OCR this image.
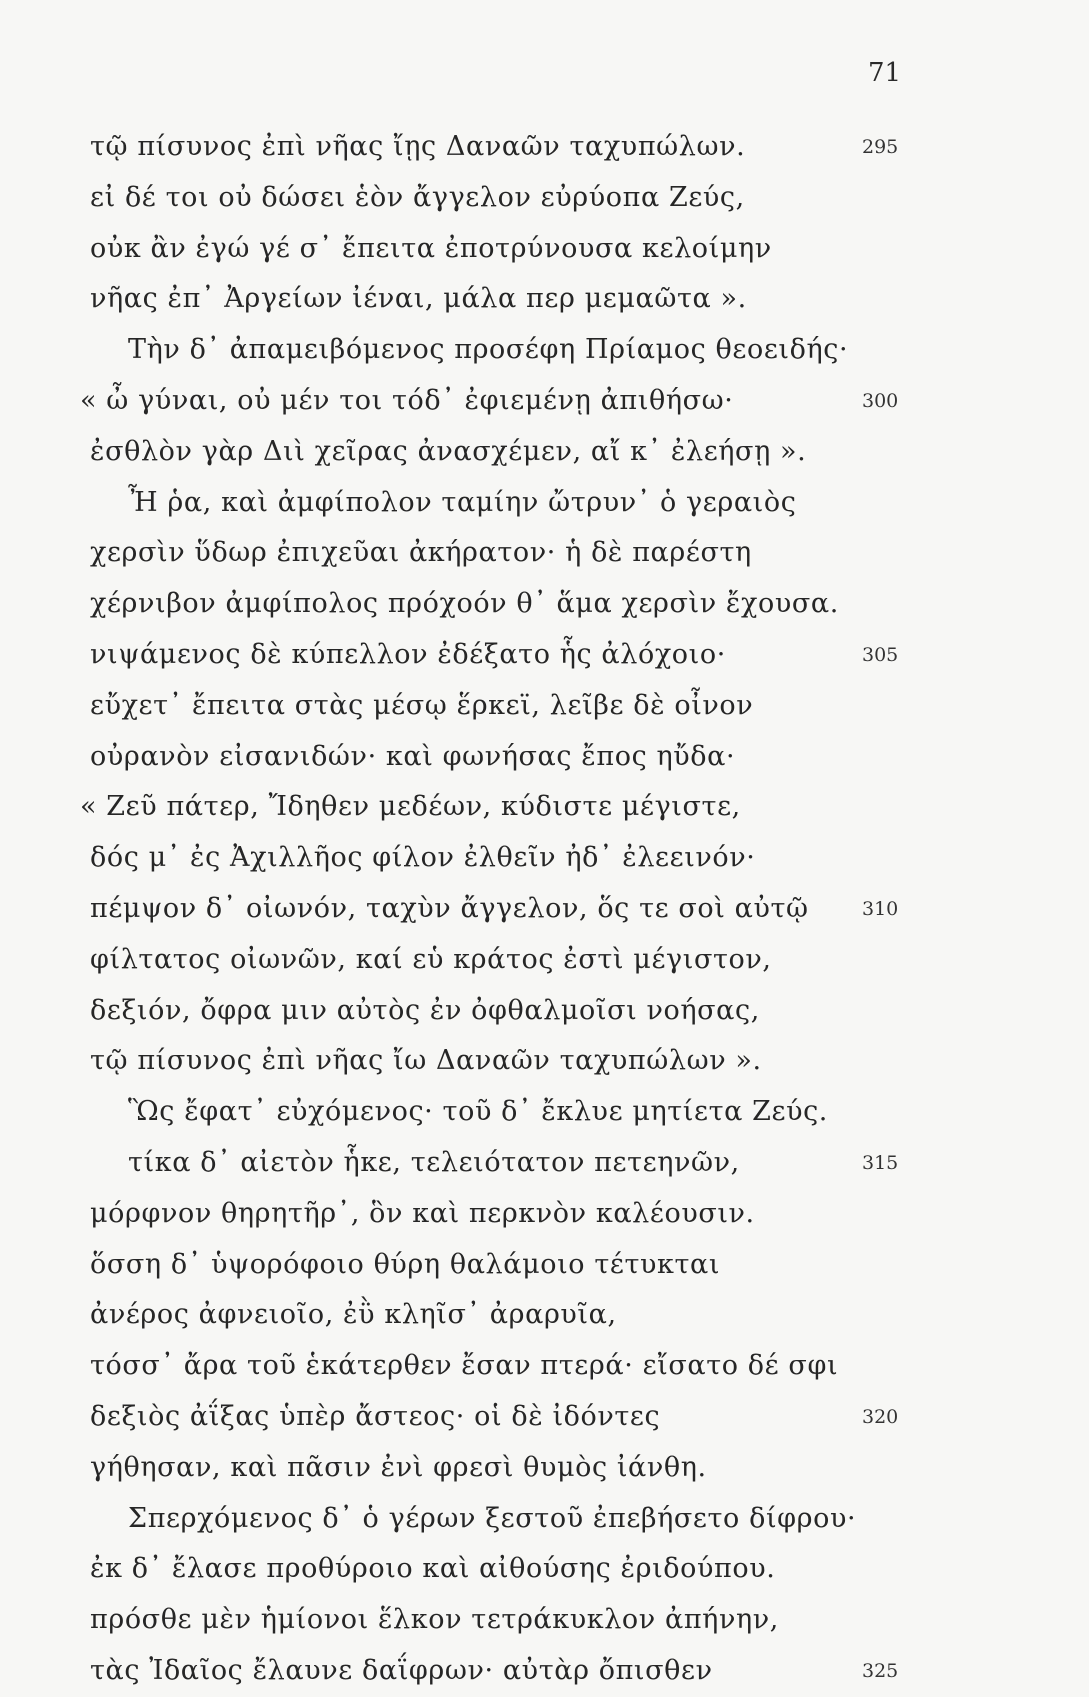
71
τῷ πίσυνος ἐπὶ νῆας ἴῃς Δαναῶν ταχυπώλων.	295
εἰ δέ τοι οὐ δώσει ἑὸν ἄγγελον εὐρύοπα Ζεύς,
οὐκ ἂν ἐγώ γέ σ᾽ ἔπειτα ἐποτρύνουσα κελοίμην
νῆας ἐπ᾽ Ἀργείων ἰέναι, μάλα περ μεμαῶτα ».
Τὴν δ᾽ ἀπαμειβόμενος προσέφη Πρίαμος θεοειδής·
« ὦ γύναι, οὐ μέν τοι τόδ᾽ ἐφιεμένῃ ἀπιθήσω·	300
ἐσθλὸν γὰρ Διὶ χεῖρας ἀνασχέμεν, αἴ κ᾽ ἐλεήσῃ ».
Ἦ ῥα, καὶ ἀμφίπολον ταμίην ὤτρυν᾽ ὁ γεραιὸς
χερσὶν ὕδωρ ἐπιχεῦαι ἀκήρατον· ἡ δὲ παρέστη
χέρνιβον ἀμφίπολος πρόχοόν θ᾽ ἅμα χερσὶν ἔχουσα.
νιψάμενος δὲ κύπελλον ἐδέξατο ἧς ἀλόχοιο·	305
εὔχετ᾽ ἔπειτα στὰς μέσῳ ἕρκεϊ, λεῖβε δὲ οἶνον
οὐρανὸν εἰσανιδών· καὶ φωνήσας ἔπος ηὔδα·
« Ζεῦ πάτερ, Ἴδηθεν μεδέων, κύδιστε μέγιστε,
δός μ᾽ ἐς Ἀχιλλῆος φίλον ἐλθεῖν ἠδ᾽ ἐλεεινόν·
πέμψον δ᾽ οἰωνόν, ταχὺν ἄγγελον, ὅς τε σοὶ αὐτῷ	310
φίλτατος οἰωνῶν, καί εὑ κράτος ἐστὶ μέγιστον,
δεξιόν, ὄφρα μιν αὐτὸς ἐν ὀφθαλμοῖσι νοήσας,
τῷ πίσυνος ἐπὶ νῆας ἴω Δαναῶν ταχυπώλων ».
Ὣς ἔφατ᾽ εὐχόμενος· τοῦ δ᾽ ἔκλυε μητίετα Ζεύς.
τίκα δ᾽ αἰετὸν ἧκε, τελειότατον πετεηνῶν,	315
μόρφνον θηρητῆρ᾽, ὃν καὶ περκνὸν καλέουσιν.
ὅσση δ᾽ ὑψορόφοιο θύρη θαλάμοιο τέτυκται
ἀνέρος ἀφνειοῖο, ἐῢ κληῖσ᾽ ἀραρυῖα,
τόσσ᾽ ἄρα τοῦ ἑκάτερθεν ἔσαν πτερά· εἴσατο δέ σφι
δεξιὸς ἀΐξας ὑπὲρ ἄστεος· οἱ δὲ ἰδόντες	320
γήθησαν, καὶ πᾶσιν ἐνὶ φρεσὶ θυμὸς ἰάνθη.
Σπερχόμενος δ᾽ ὁ γέρων ξεστοῦ ἐπεβήσετο δίφρου·
ἐκ δ᾽ ἔλασε προθύροιο καὶ αἰθούσης ἐριδούπου.
πρόσθε μὲν ἡμίονοι ἕλκον τετράκυκλον ἀπήνην,
τὰς Ἰδαῖος ἔλαυνε δαΐφρων· αὐτὰρ ὄπισθεν	325
